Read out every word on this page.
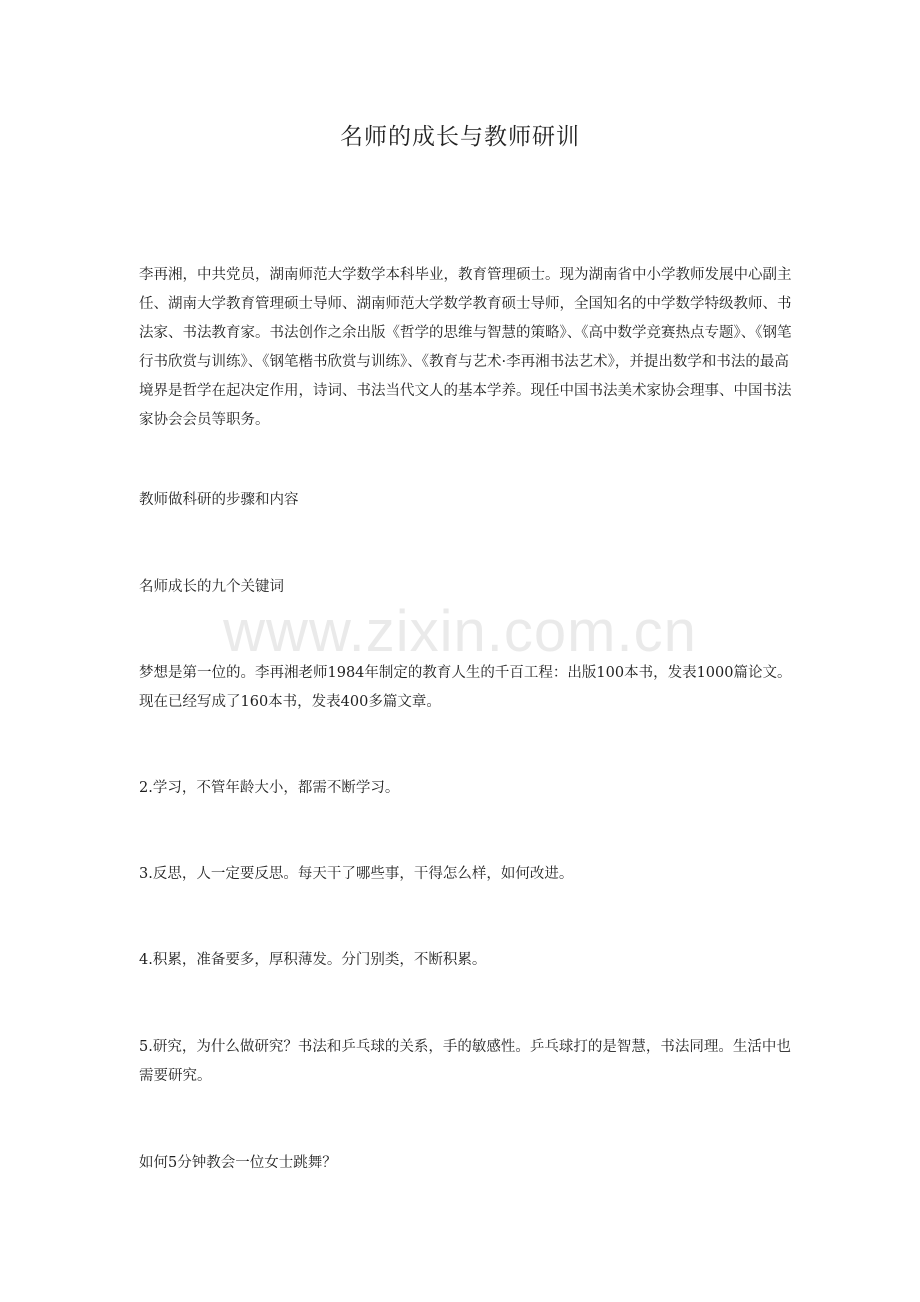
名师的成长与教师研训

李再湘，中共党员，湖南师范大学数学本科毕业，教育管理硕士。现为湖南省中小学教师发展中心副主任、湖南大学教育管理硕士导师、湖南师范大学数学教育硕士导师，全国知名的中学数学特级教师、书法家、书法教育家。书法创作之余出版《哲学的思维与智慧的策略》、《高中数学竞赛热点专题》、《钢笔行书欣赏与训练》、《钢笔楷书欣赏与训练》、《教育与艺术·李再湘书法艺术》，并提出数学和书法的最高境界是哲学在起决定作用，诗词、书法当代文人的基本学养。现任中国书法美术家协会理事、中国书法家协会会员等职务。

教师做科研的步骤和内容

名师成长的九个关键词

梦想是第一位的。李再湘老师1984年制定的教育人生的千百工程：出版100本书，发表1000篇论文。现在已经写成了160本书，发表400多篇文章。

2.学习，不管年龄大小，都需不断学习。

3.反思，人一定要反思。每天干了哪些事，干得怎么样，如何改进。

4.积累，准备要多，厚积薄发。分门别类，不断积累。

5.研究，为什么做研究？书法和乒乓球的关系，手的敏感性。乒乓球打的是智慧，书法同理。生活中也需要研究。

如何5分钟教会一位女士跳舞？

www.zixin.com.cn
